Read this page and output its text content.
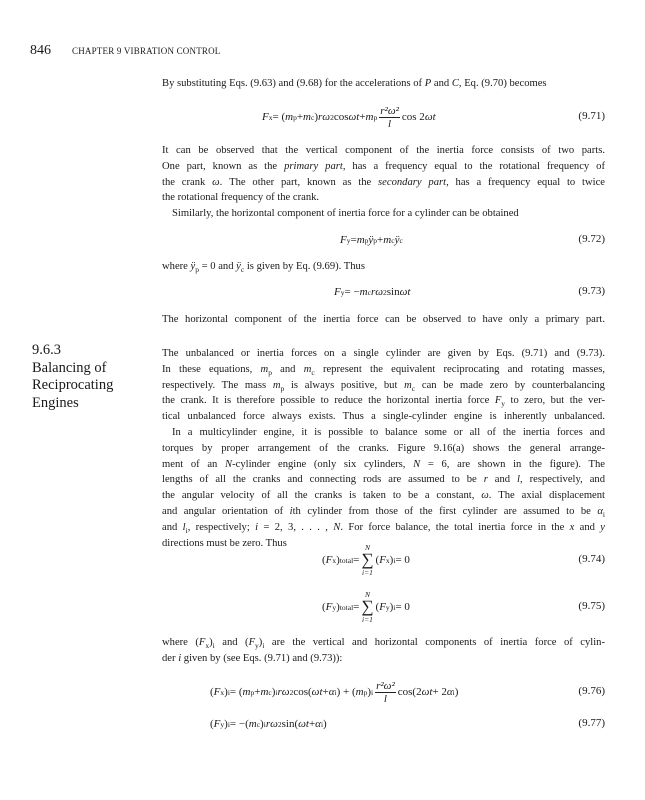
846 CHAPTER 9 VIBRATION CONTROL
9.6.3
Balancing of
Reciprocating
Engines
By substituting Eqs. (9.63) and (9.68) for the accelerations of P and C, Eq. (9.70) becomes
It can be observed that the vertical component of the inertia force consists of two parts.
One part, known as the primary part, has a frequency equal to the rotational frequency of
the crank ω. The other part, known as the secondary part, has a frequency equal to twice
the rotational frequency of the crank.
Similarly, the horizontal component of inertia force for a cylinder can be obtained
where $ÿ_p = 0$ and $ÿ_c$ is given by Eq. (9.69). Thus
The horizontal component of the inertia force can be observed to have only a primary part.
The unbalanced or inertia forces on a single cylinder are given by Eqs. (9.71) and (9.73).
In these equations, $m_p$ and $m_c$ represent the equivalent reciprocating and rotating masses,
respectively. The mass $m_p$ is always positive, but $m_c$ can be made zero by counterbalancing
the crank. It is therefore possible to reduce the horizontal inertia force $F_y$ to zero, but the ver-
tical unbalanced force always exists. Thus a single-cylinder engine is inherently unbalanced.
In a multicylinder engine, it is possible to balance some or all of the inertia forces and
torques by proper arrangement of the cranks. Figure 9.16(a) shows the general arrange-
ment of an N-cylinder engine (only six cylinders, N = 6, are shown in the figure). The
lengths of all the cranks and connecting rods are assumed to be r and l, respectively, and
the angular velocity of all the cranks is taken to be a constant, ω. The axial displacement
and angular orientation of ith cylinder from those of the first cylinder are assumed to be $\alpha_i$
and $l_i$, respectively; i = 2, 3, . . . , N. For force balance, the total inertia force in the x and y
directions must be zero. Thus
where $(F_x)_i$ and $(F_y)_i$ are the vertical and horizontal components of inertia force of cylin-
der i given by (see Eqs. (9.71) and (9.73)):
F x = ( m p + m c ) rω 2 cos ωt + m p $\frac{\text{r²ω²}}{l}$ cos 2 ωt	(9.71)
F y = m p ÿ p + m c ÿ c	(9.72)
F y = − m c rω 2 sin ωt	(9.73)
( F x ) total =
N
∑
i=1
( F x ) i = 0	(9.74)
( F y ) total =
N
∑
i=1
( F y ) i = 0	(9.75)
( F x ) i = ( m p + m c ) i rω 2 cos( ωt + α i ) + ( m p ) i $\frac{\text{r²ω²}}{l} \cos(2$ ωt + 2 α i )	(9.76)
( F y ) i = −( m c ) i rω 2 sin( ωt + α i )	(9.77)
